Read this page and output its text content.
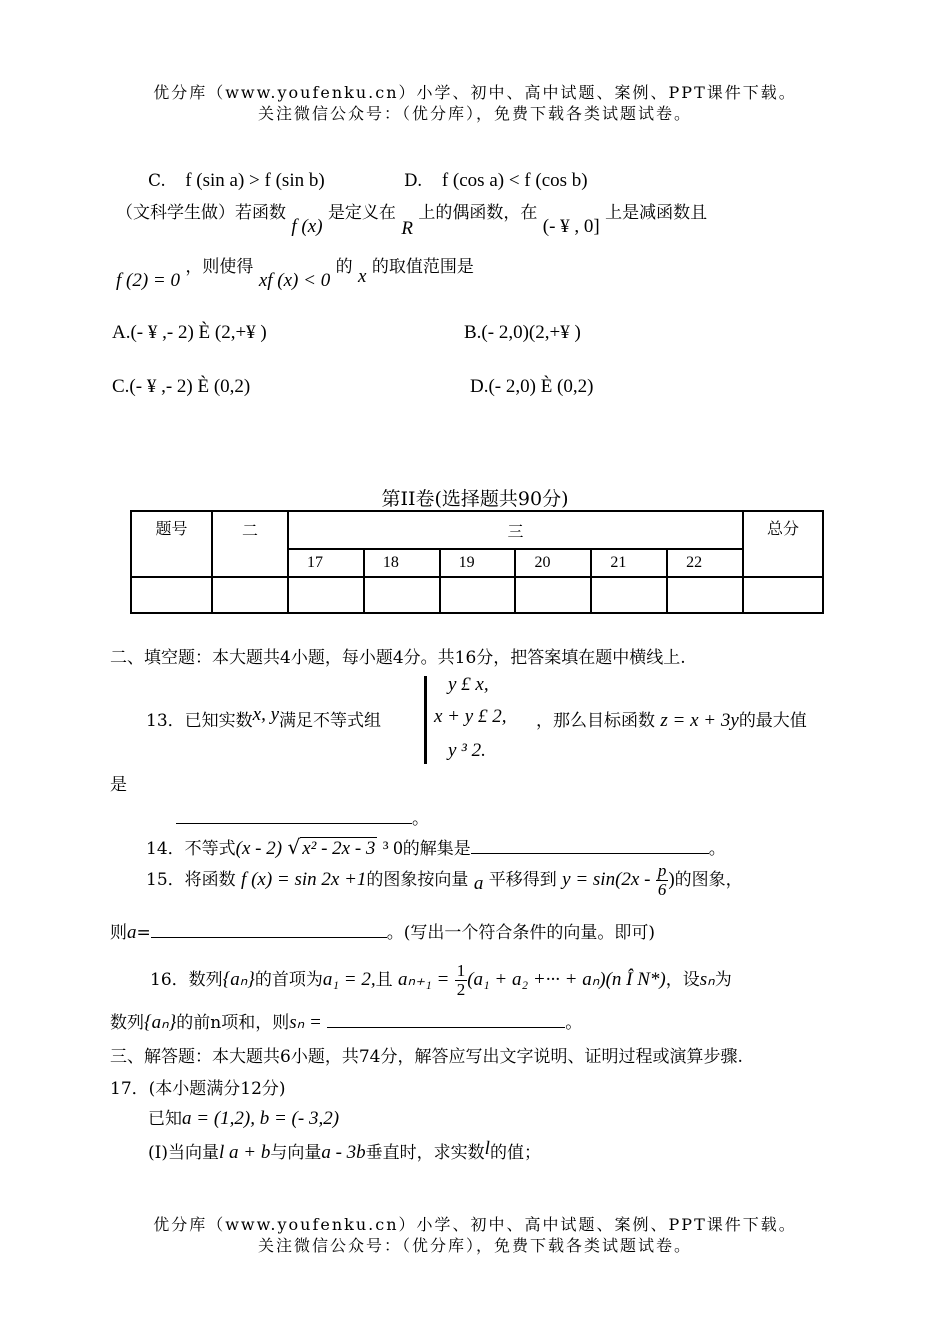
优分库（www.youfenku.cn）小学、初中、高中试题、案例、PPT课件下载。
关注微信公众号：（优分库），免费下载各类试题试卷。
C. f (sin a) > f (sin b)	D. f (cos a) < f (cos b)
（文科学生做）若函数 f (x) 是定义在 R 上的偶函数，在 (- ¥ , 0] 上是减函数且
f (2) = 0 ，则使得 xf (x) < 0 的 x 的取值范围是
A.(- ¥ ,- 2) È (2,+¥ )	B.(- 2,0)(2,+¥ )
C.(- ¥ ,- 2) È (0,2)	D.(- 2,0) È (0,2)
第II卷(选择题共90分)
题号	二	三						总分
		17	18	19	20	21	22	

二、填空题：本大题共4小题，每小题4分。共16分，把答案填在题中横线上.
y £ x,
x + y £ 2,
y ³ 2.
13．已知实数x, y满足不等式组	，那么目标函数 z = x + 3y的最大值
是
。
14．不等式(x - 2) √ x² - 2x - 3 ³ 0的解集是	。
15．将函数 f (x) = sin 2x +1的图象按向量 a 平移得到 $y = \sin(2x - \frac{p}{6}$ )的图象，
则a=	。(写出一个符合条件的向量。即可)
16．数列{aₙ}的首项为a₁ = 2,且 $a_{n+1} = \frac{1}{2} (a_1 + a_2$ +··· + aₙ)(n Î N*)，设sₙ为
数列{aₙ}的前n项和，则sₙ =	。
三、解答题：本大题共6小题，共74分，解答应写出文字说明、证明过程或演算步骤.
17．(本小题满分12分)
已知a = (1,2), b = (- 3,2)
(I)当向量l a + b与向量a - 3b垂直时，求实数l的值；
优分库（www.youfenku.cn）小学、初中、高中试题、案例、PPT课件下载。
关注微信公众号：（优分库），免费下载各类试题试卷。
